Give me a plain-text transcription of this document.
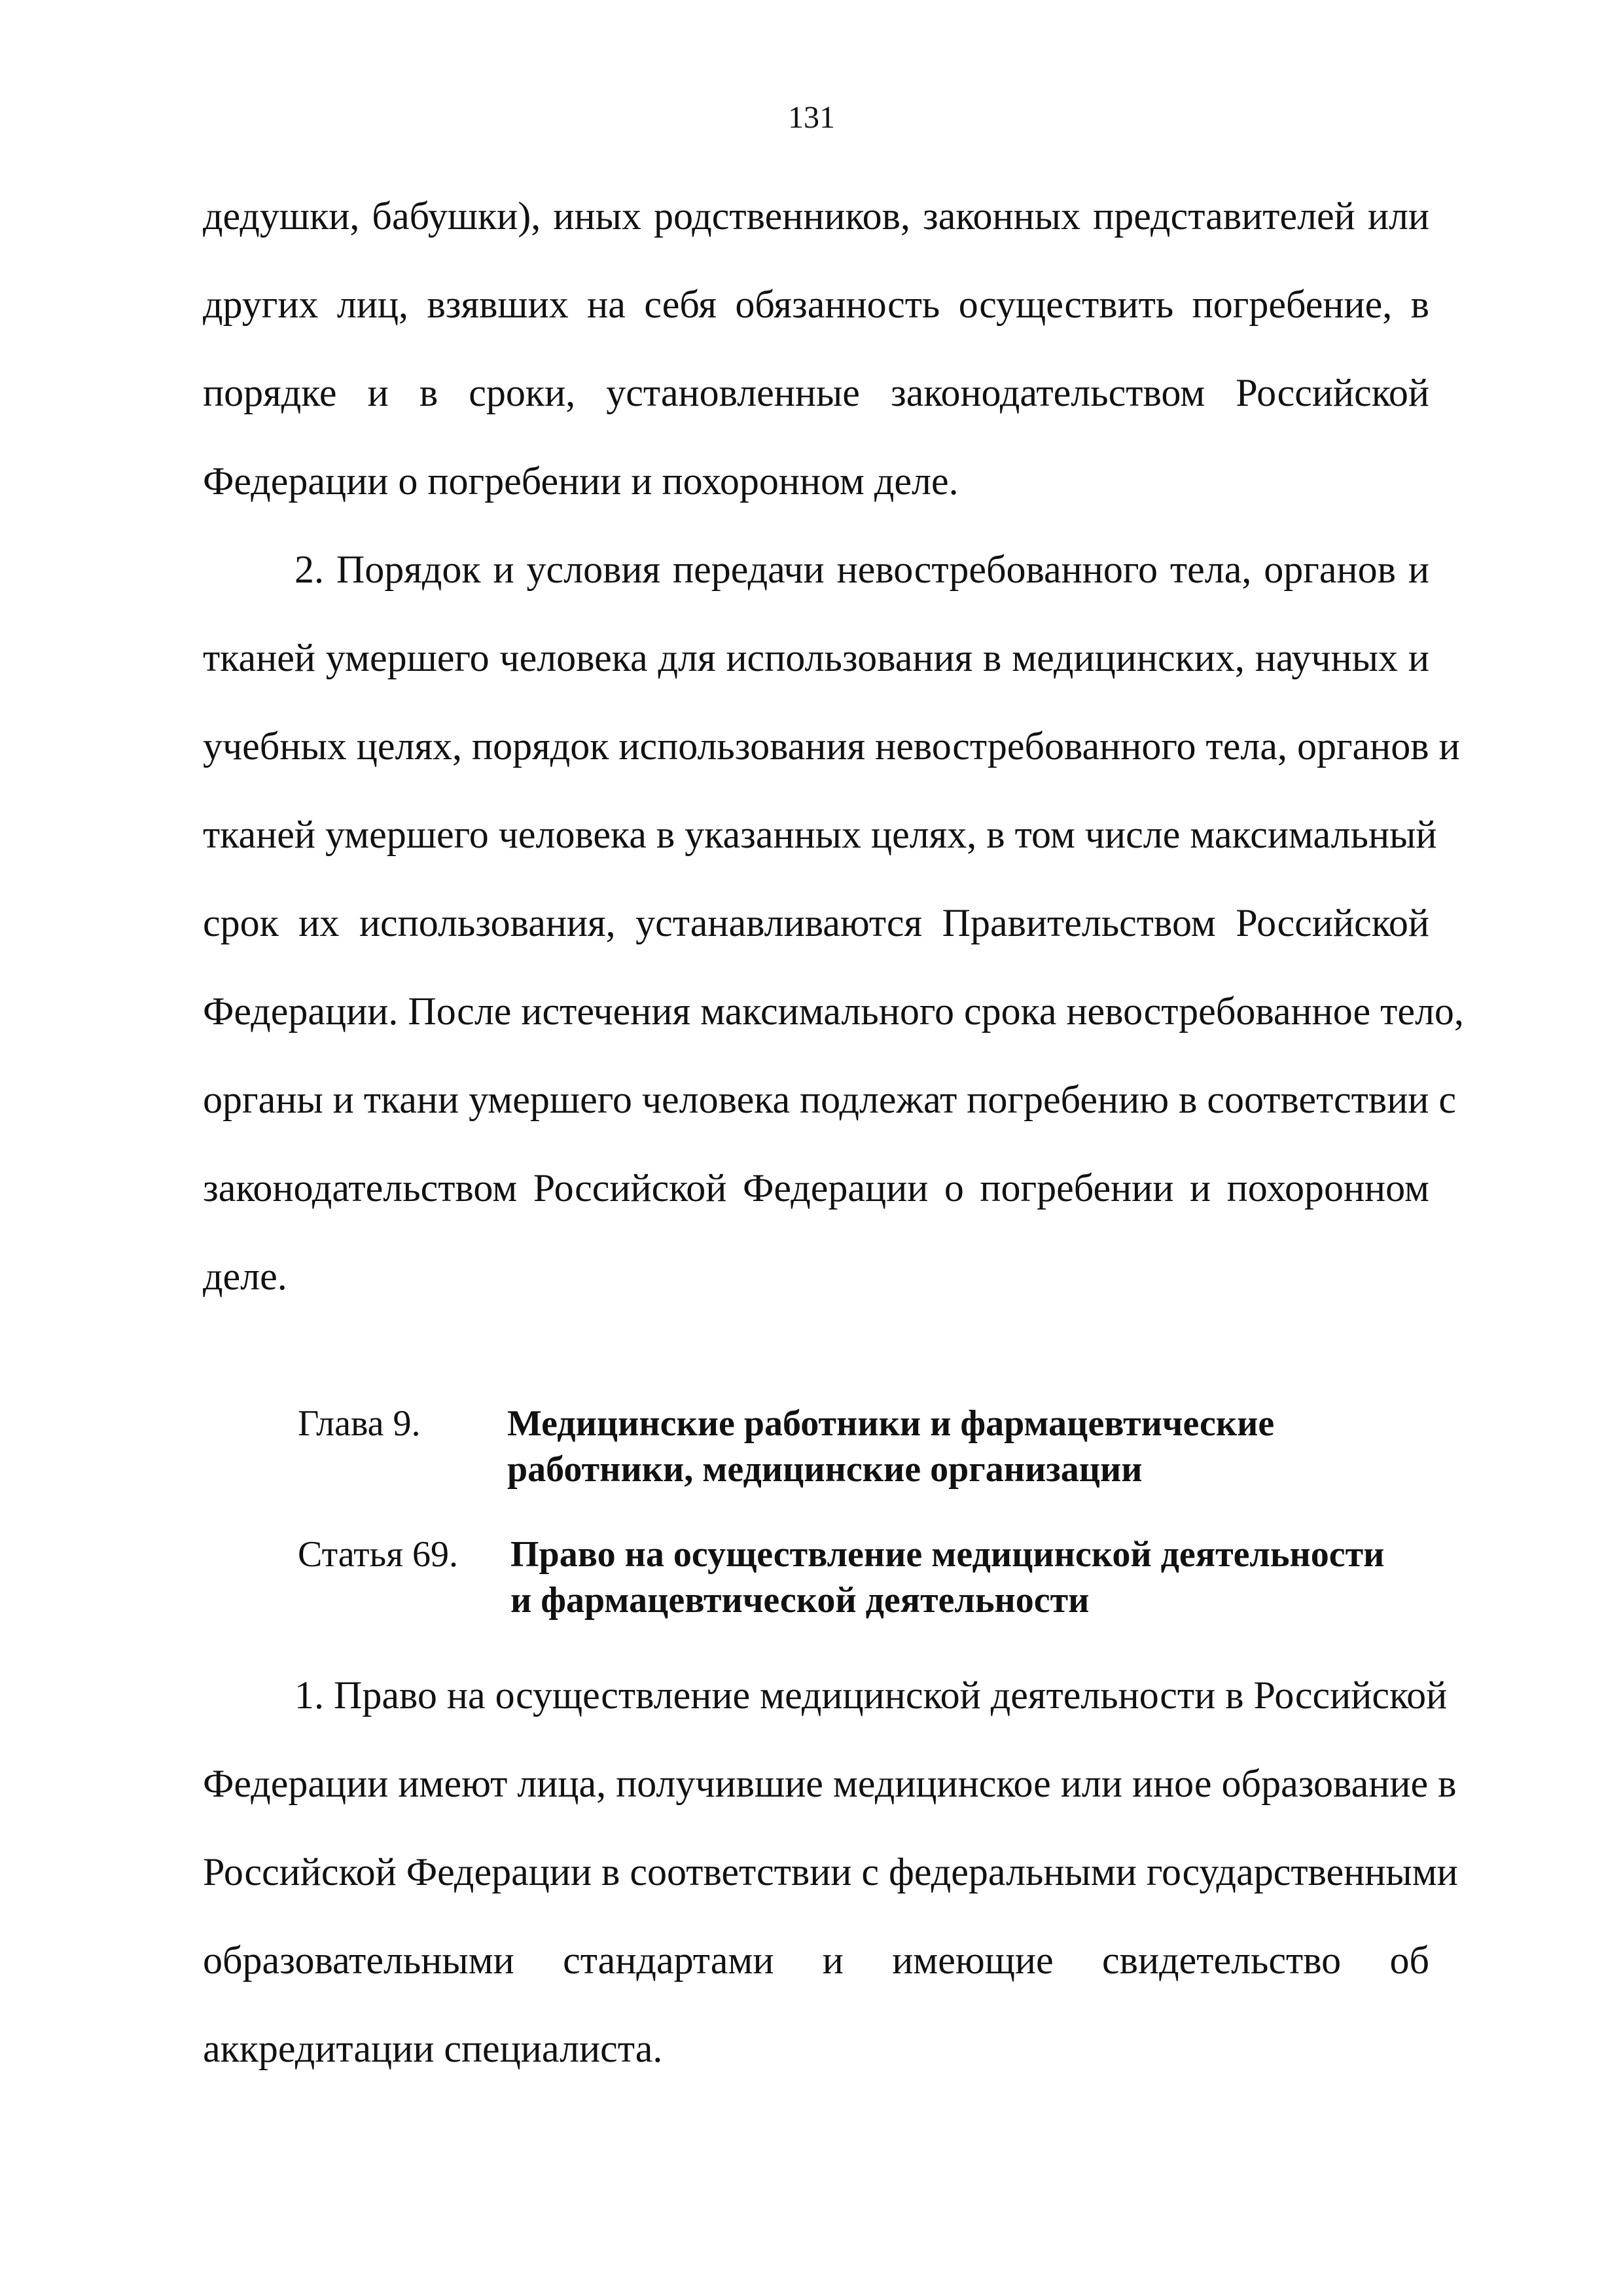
131
дедушки, бабушки), иных родственников, законных представителей или
других лиц, взявших на себя обязанность осуществить погребение, в
порядке и в сроки, установленные законодательством Российской
Федерации о погребении и похоронном деле.
2. Порядок и условия передачи невостребованного тела, органов и
тканей умершего человека для использования в медицинских, научных и
учебных целях, порядок использования невостребованного тела, органов и
тканей умершего человека в указанных целях, в том числе максимальный
срок их использования, устанавливаются Правительством Российской
Федерации. После истечения максимального срока невостребованное тело,
органы и ткани умершего человека подлежат погребению в соответствии с
законодательством Российской Федерации о погребении и похоронном
деле.
Глава 9. Медицинские работники и фармацевтические
работники, медицинские организации
Статья 69. Право на осуществление медицинской деятельности
и фармацевтической деятельности
1. Право на осуществление медицинской деятельности в Российской
Федерации имеют лица, получившие медицинское или иное образование в
Российской Федерации в соответствии с федеральными государственными
образовательными стандартами и имеющие свидетельство об
аккредитации специалиста.
